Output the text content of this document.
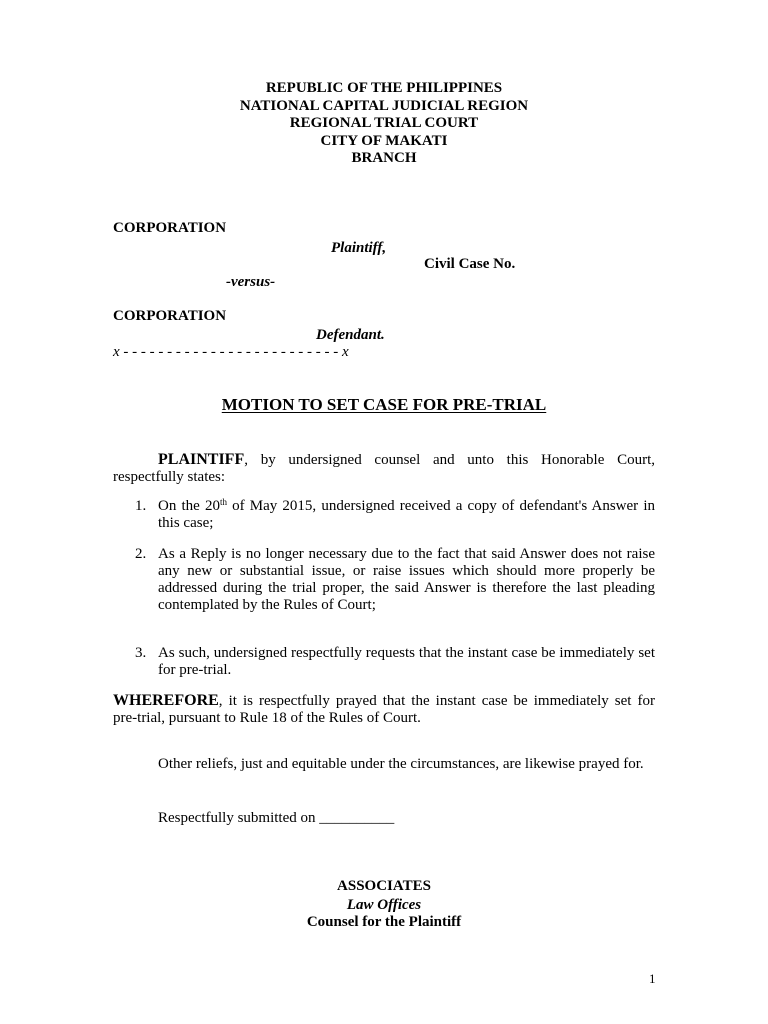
REPUBLIC OF THE PHILIPPINES
NATIONAL CAPITAL JUDICIAL REGION
REGIONAL TRIAL COURT
CITY OF MAKATI
BRANCH
CORPORATION
Plaintiff,
Civil Case No.
-versus-
CORPORATION
Defendant.
x - - - - - - - - - - - - - - - - - - - - - - - - - x
MOTION TO SET CASE FOR PRE-TRIAL
PLAINTIFF, by undersigned counsel and unto this Honorable Court, respectfully states:
1. On the 20th of May 2015, undersigned received a copy of defendant's Answer in this case;
2. As a Reply is no longer necessary due to the fact that said Answer does not raise any new or substantial issue, or raise issues which should more properly be addressed during the trial proper, the said Answer is therefore the last pleading contemplated by the Rules of Court;
3. As such, undersigned respectfully requests that the instant case be immediately set for pre-trial.
WHEREFORE, it is respectfully prayed that the instant case be immediately set for pre-trial, pursuant to Rule 18 of the Rules of Court.
Other reliefs, just and equitable under the circumstances, are likewise prayed for.
Respectfully submitted on __________
ASSOCIATES
Law Offices
Counsel for the Plaintiff
1
